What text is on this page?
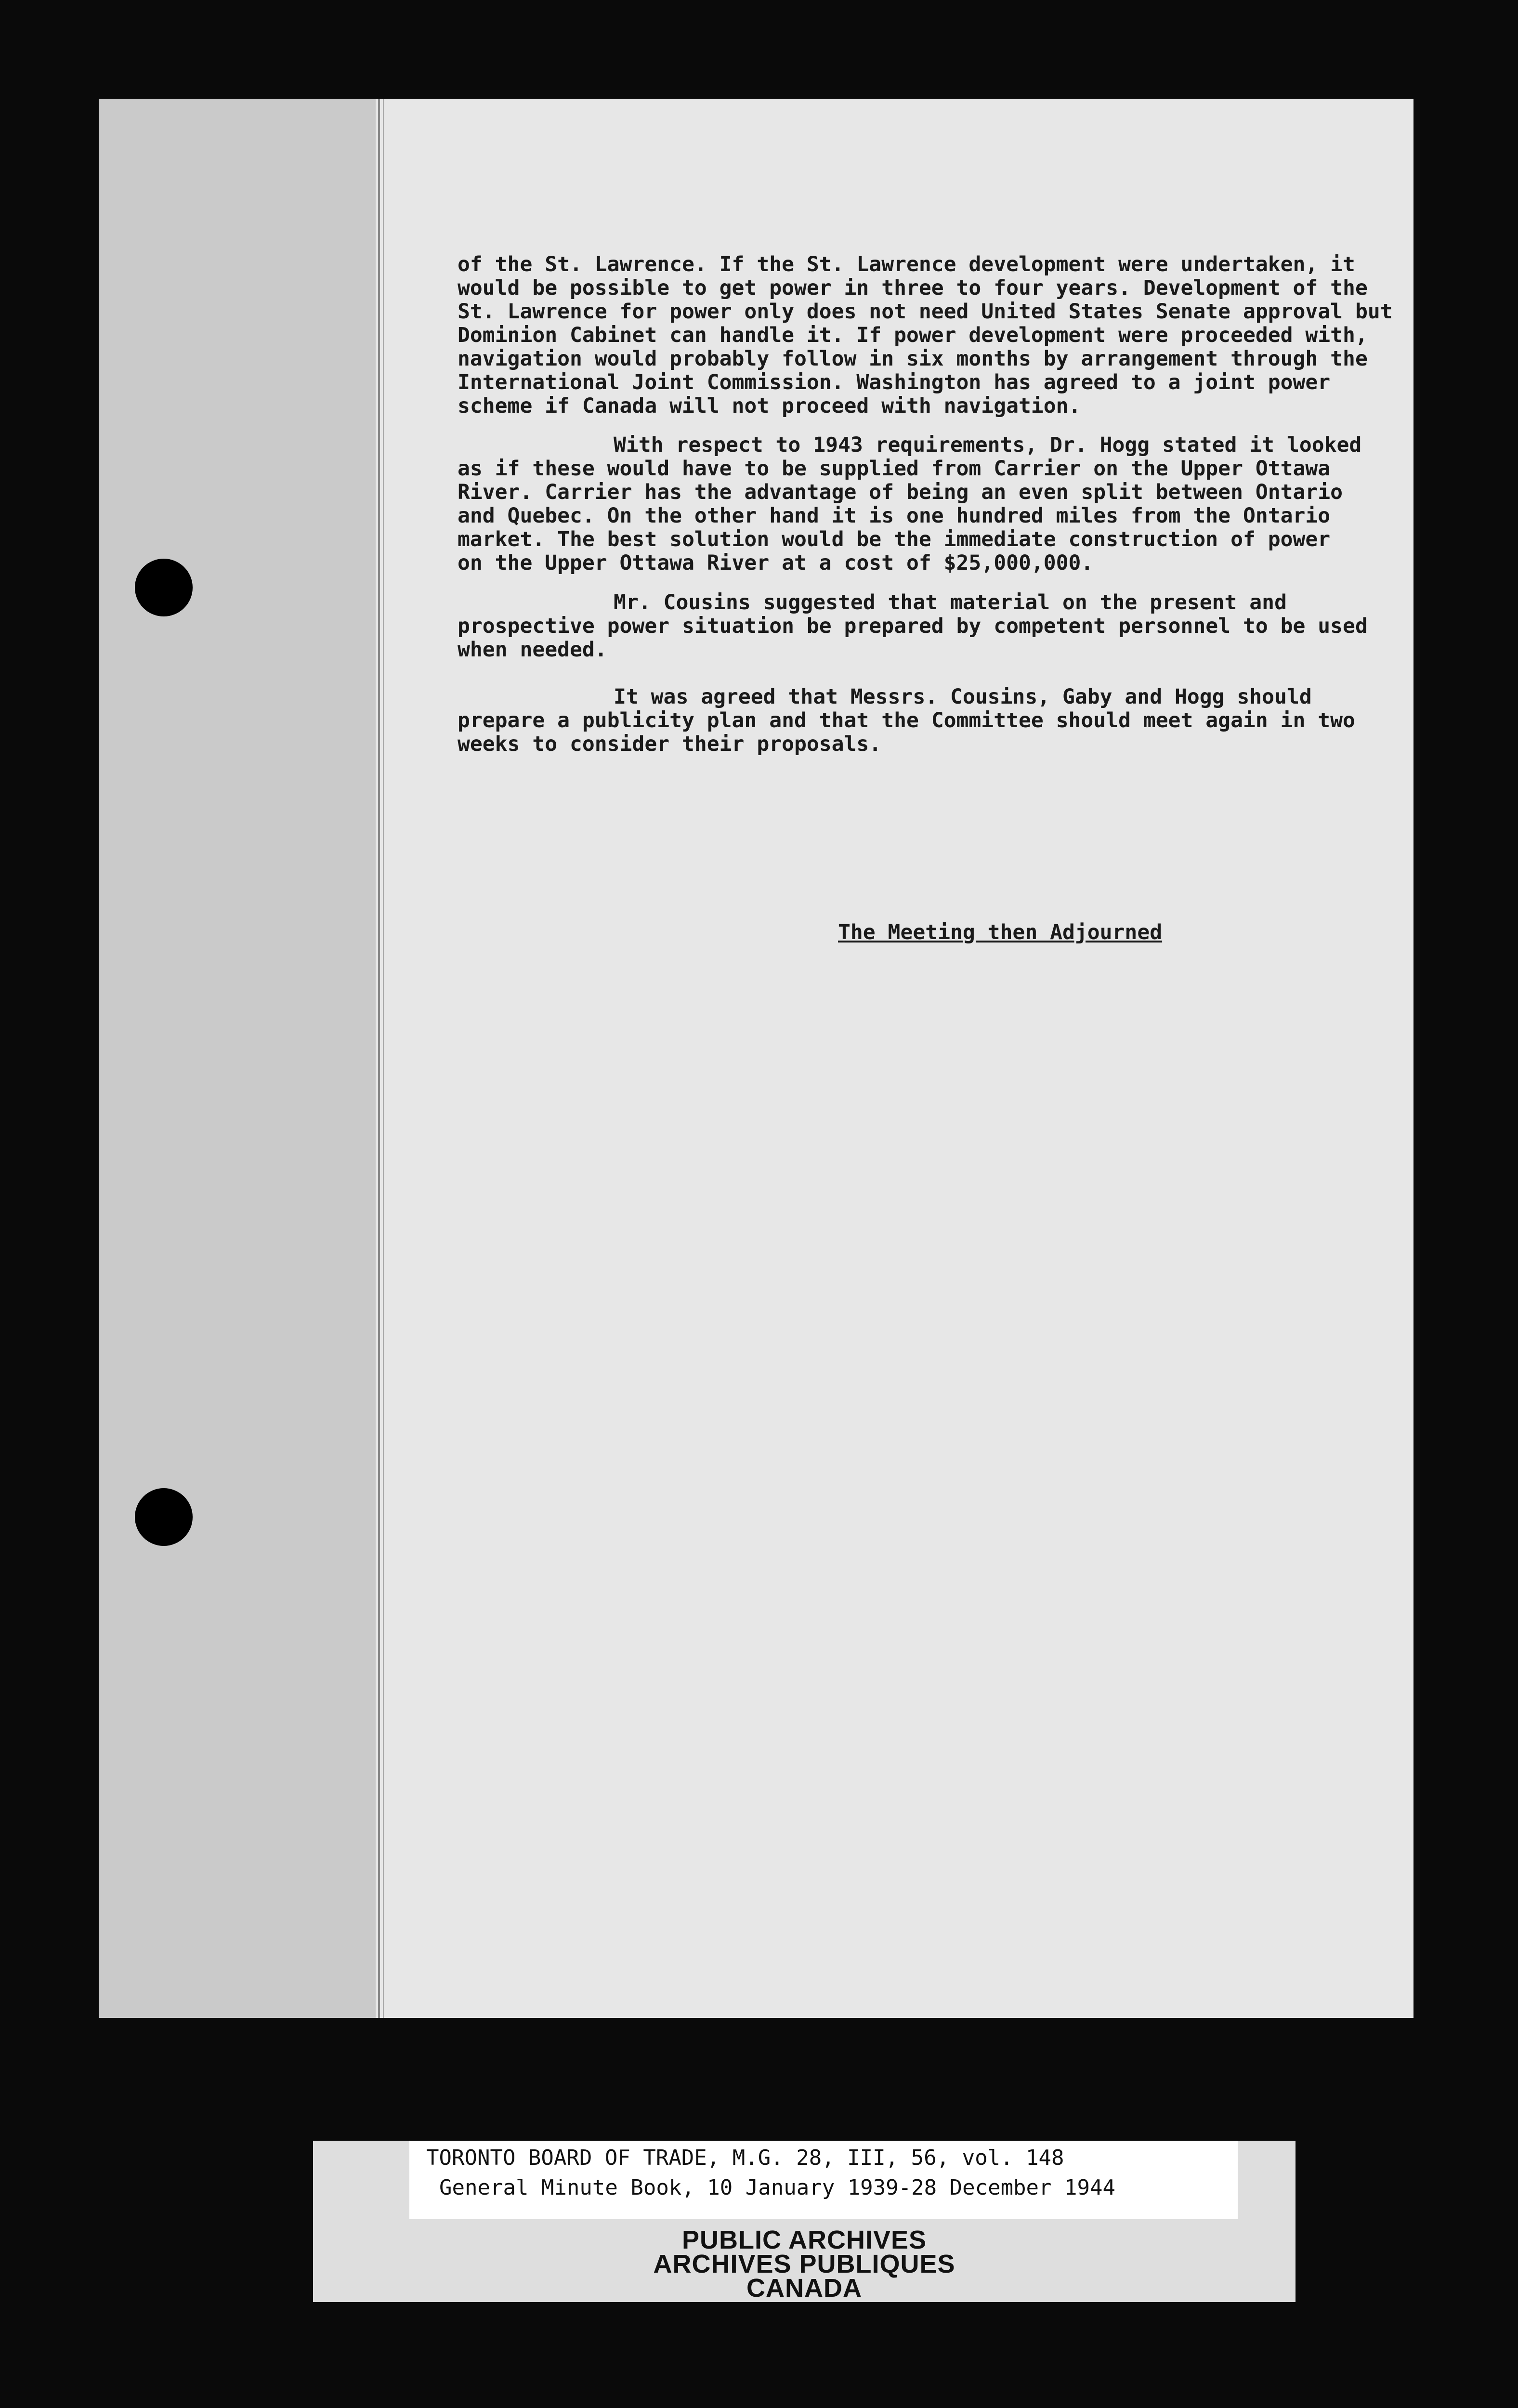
of the St. Lawrence. If the St. Lawrence development were undertaken, it
would be possible to get power in three to four years. Development of the
St. Lawrence for power only does not need United States Senate approval but
Dominion Cabinet can handle it. If power development were proceeded with,
navigation would probably follow in six months by arrangement through the
International Joint Commission. Washington has agreed to a joint power
scheme if Canada will not proceed with navigation.
With respect to 1943 requirements, Dr. Hogg stated it looked
as if these would have to be supplied from Carrier on the Upper Ottawa
River. Carrier has the advantage of being an even split between Ontario
and Quebec. On the other hand it is one hundred miles from the Ontario
market. The best solution would be the immediate construction of power
on the Upper Ottawa River at a cost of $25,000,000.
Mr. Cousins suggested that material on the present and
prospective power situation be prepared by competent personnel to be used
when needed.
It was agreed that Messrs. Cousins, Gaby and Hogg should
prepare a publicity plan and that the Committee should meet again in two
weeks to consider their proposals.
The Meeting then Adjourned
TORONTO BOARD OF TRADE, M.G. 28, III, 56, vol. 148
General Minute Book, 10 January 1939-28 December 1944
PUBLIC ARCHIVES
ARCHIVES PUBLIQUES
CANADA
